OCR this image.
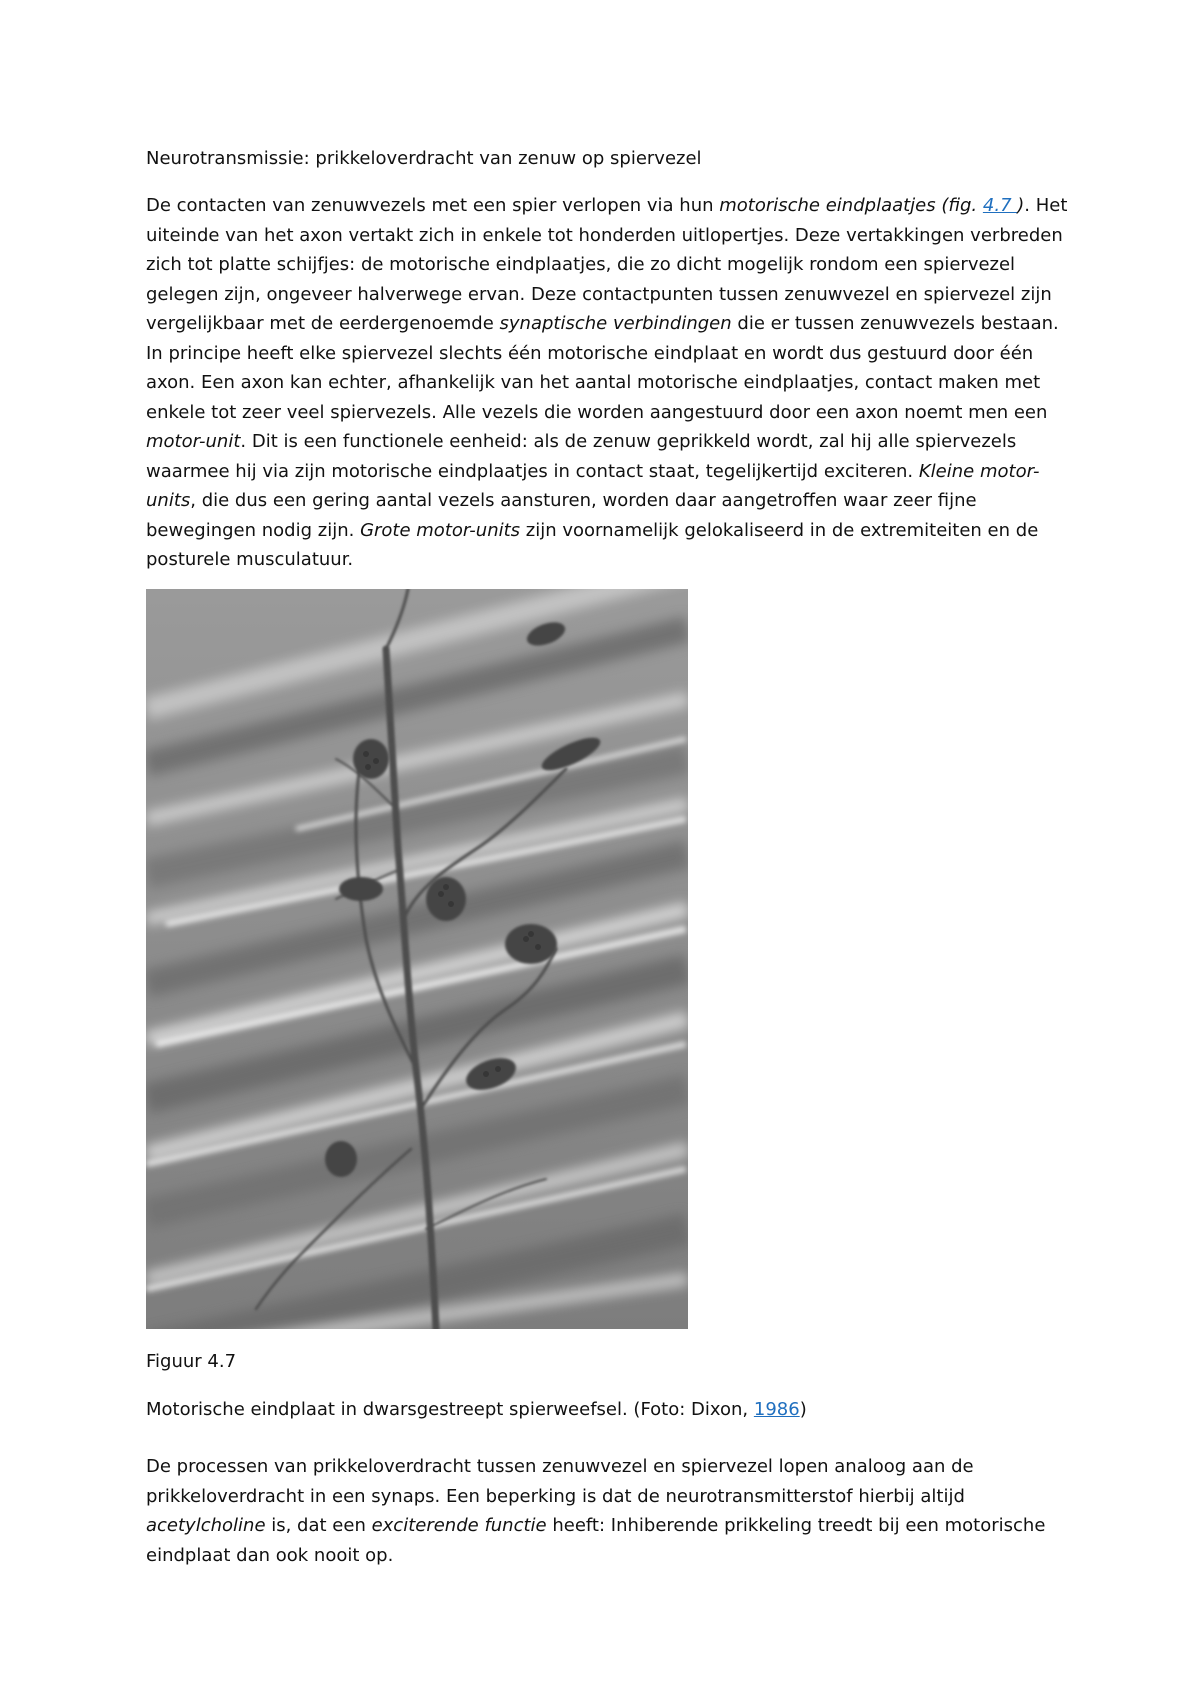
Neurotransmissie: prikkeloverdracht van zenuw op spiervezel

De contacten van zenuwvezels met een spier verlopen via hun motorische eindplaatjes (fig. 4.7 ). Het uiteinde van het axon vertakt zich in enkele tot honderden uitlopertjes. Deze vertakkingen verbreden zich tot platte schijfjes: de motorische eindplaatjes, die zo dicht mogelijk rondom een spiervezel gelegen zijn, ongeveer halverwege ervan. Deze contactpunten tussen zenuwvezel en spiervezel zijn vergelijkbaar met de eerdergenoemde synaptische verbindingen die er tussen zenuwvezels bestaan. In principe heeft elke spiervezel slechts één motorische eindplaat en wordt dus gestuurd door één axon. Een axon kan echter, afhankelijk van het aantal motorische eindplaatjes, contact maken met enkele tot zeer veel spiervezels. Alle vezels die worden aangestuurd door een axon noemt men een motor-unit. Dit is een functionele eenheid: als de zenuw geprikkeld wordt, zal hij alle spiervezels waarmee hij via zijn motorische eindplaatjes in contact staat, tegelijkertijd exciteren. Kleine motor-units, die dus een gering aantal vezels aansturen, worden daar aangetroffen waar zeer fijne bewegingen nodig zijn. Grote motor-units zijn voornamelijk gelokaliseerd in de extremiteiten en de posturele musculatuur.

Figuur 4.7
Motorische eindplaat in dwarsgestreept spierweefsel. (Foto: Dixon, 1986)

De processen van prikkeloverdracht tussen zenuwvezel en spiervezel lopen analoog aan de prikkeloverdracht in een synaps. Een beperking is dat de neurotransmitterstof hierbij altijd acetylcholine is, dat een exciterende functie heeft: Inhiberende prikkeling treedt bij een motorische eindplaat dan ook nooit op.
